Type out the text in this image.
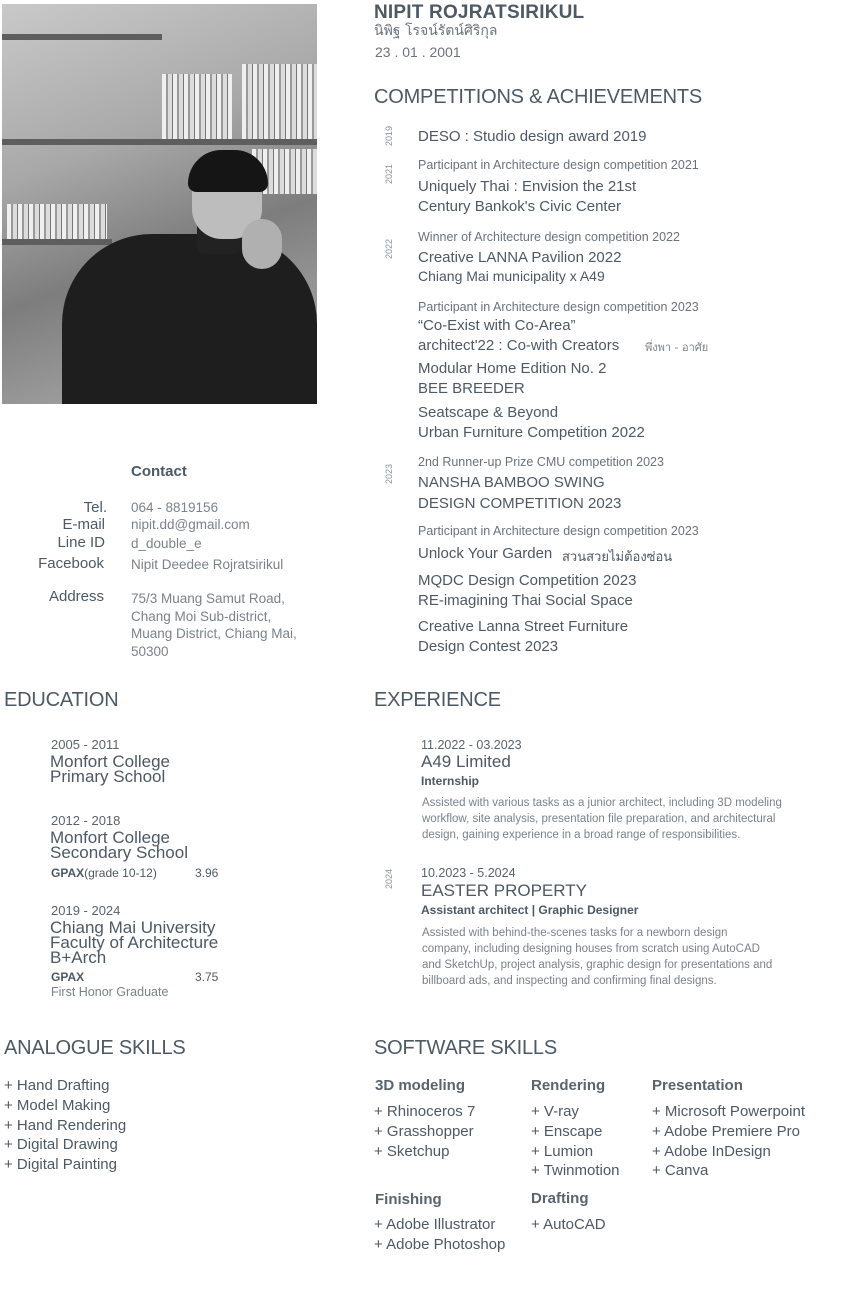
NIPIT ROJRATSIRIKUL
นิพิฐ โรจน์รัตน์ศิริกุล
23 . 01 . 2001
COMPETITIONS & ACHIEVEMENTS
2019
2021
2022
2023
DESO : Studio design award 2019
Participant in Architecture design competition 2021
Uniquely Thai : Envision the 21st
Century Bankok's Civic Center
Winner of Architecture design competition 2022
Creative LANNA Pavilion 2022
Chiang Mai municipality x A49
Participant in Architecture design competition 2023
“Co-Exist with Co-Area”
architect'22 : Co-with Creators พึ่งพา - อาศัย
Modular Home Edition No. 2
BEE BREEDER
Seatscape & Beyond
Urban Furniture Competition 2022
2nd Runner-up Prize CMU competition 2023
NANSHA BAMBOO SWING
DESIGN COMPETITION 2023
Participant in Architecture design competition 2023
Unlock Your Garden สวนสวยไม่ต้องซ่อน
MQDC Design Competition 2023
RE-imagining Thai Social Space
Creative Lanna Street Furniture
Design Contest 2023
Contact
Tel. 064 - 8819156
E-mail nipit.dd@gmail.com
Line ID d_double_e
Facebook Nipit Deedee Rojratsirikul
Address 75/3 Muang Samut Road,
Chang Moi Sub-district,
Muang District, Chiang Mai,
50300
EDUCATION
2005 - 2011
Monfort College
Primary School
2012 - 2018
Monfort College
Secondary School
GPAX(grade 10-12)	3.96
2019 - 2024
Chiang Mai University
Faculty of Architecture
B+Arch
GPAX	3.75
First Honor Graduate
EXPERIENCE
2024
11.2022 - 03.2023
A49 Limited
Internship
Assisted with various tasks as a junior architect, including 3D modeling
workflow, site analysis, presentation file preparation, and architectural
design, gaining experience in a broad range of responsibilities.
10.2023 - 5.2024
EASTER PROPERTY
Assistant architect | Graphic Designer
Assisted with behind-the-scenes tasks for a newborn design
company, including designing houses from scratch using AutoCAD
and SketchUp, project analysis, graphic design for presentations and
billboard ads, and inspecting and confirming final designs.
ANALOGUE SKILLS
+ Hand Drafting
+ Model Making
+ Hand Rendering
+ Digital Drawing
+ Digital Painting
SOFTWARE SKILLS
3D modeling
+ Rhinoceros 7
+ Grasshopper
+ Sketchup
Rendering
+ V-ray
+ Enscape
+ Lumion
+ Twinmotion
Presentation
+ Microsoft Powerpoint
+ Adobe Premiere Pro
+ Adobe InDesign
+ Canva
Finishing
+ Adobe Illustrator
+ Adobe Photoshop
Drafting
+ AutoCAD
